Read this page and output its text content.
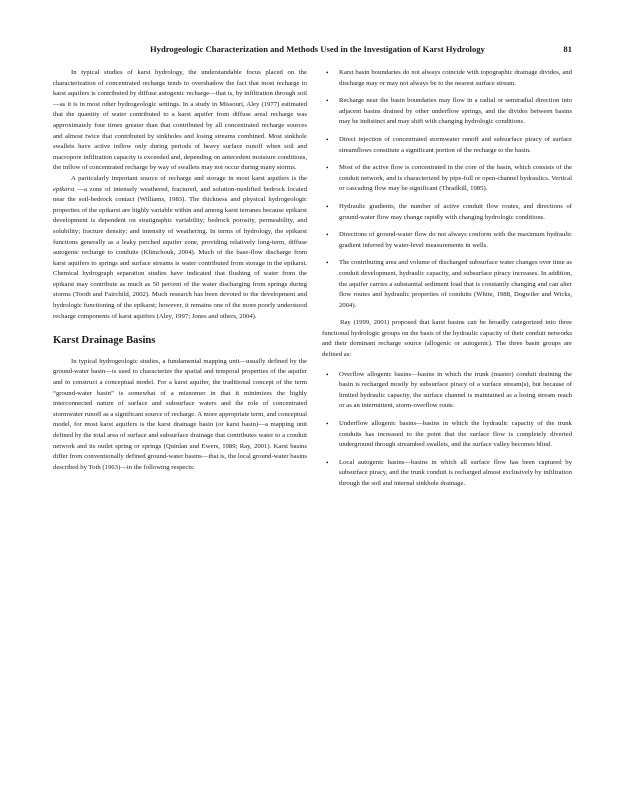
Hydrogeologic Characterization and Methods Used in the Investigation of Karst Hydrology	81

In typical studies of karst hydrology, the understandable focus placed on the characterization of concentrated recharge tends to overshadow the fact that most recharge to karst aquifers is contributed by diffuse autogenic recharge—that is, by infiltration through soil—as it is in most other hydrogeologic settings. In a study in Missouri, Aley (1977) estimated that the quantity of water contributed to a karst aquifer from diffuse areal recharge was approximately four times greater than that contributed by all concentrated recharge sources and almost twice that contributed by sinkholes and losing streams combined. Most sinkhole swallets have active inflow only during periods of heavy surface runoff when soil and macropore infiltration capacity is exceeded and, depending on antecedent moisture conditions, the inflow of concentrated recharge by way of swallets may not occur during many storms.

A particularly important source of recharge and storage in most karst aquifers is the epikarst —a zone of intensely weathered, fractured, and solution-modified bedrock located near the soil-bedrock contact (Williams, 1983). The thickness and physical hydrogeologic properties of the epikarst are highly variable within and among karst terranes because epikarst development is dependent on stratigraphic variability; bedrock porosity, permeability, and solubility; fracture density; and intensity of weathering. In terms of hydrology, the epikarst functions generally as a leaky perched aquifer zone, providing relatively long-term, diffuse autogenic recharge to conduits (Klimchouk, 2004). Much of the base-flow discharge from karst aquifers to springs and surface streams is water contributed from storage in the epikarst. Chemical hydrograph separation studies have indicated that flushing of water from the epikarst may contribute as much as 50 percent of the water discharging from springs during storms (Tooth and Fairchild, 2002). Much research has been devoted to the development and hydrologic functioning of the epikarst; however, it remains one of the more poorly understood recharge components of karst aquifers (Aley, 1997; Jones and others, 2004).

Karst Drainage Basins

In typical hydrogeologic studies, a fundamental mapping unit—usually defined by the ground-water basin—is used to characterize the spatial and temporal properties of the aquifer and to construct a conceptual model. For a karst aquifer, the traditional concept of the term “ground-water basin” is somewhat of a misnomer in that it minimizes the highly interconnected nature of surface and subsurface waters and the role of concentrated stormwater runoff as a significant source of recharge. A more appropriate term, and conceptual model, for most karst aquifers is the karst drainage basin (or karst basin)—a mapping unit defined by the total area of surface and subsurface drainage that contributes water to a conduit network and its outlet spring or springs (Quinlan and Ewers, 1989; Ray, 2001). Karst basins differ from conventionally defined ground-water basins—that is, the local ground-water basins described by Toth (1963)—in the following respects:

• Karst basin boundaries do not always coincide with topographic drainage divides, and discharge may or may not always be to the nearest surface stream.
• Recharge near the basin boundaries may flow in a radial or semiradial direction into adjacent basins drained by other underflow springs, and the divides between basins may be indistinct and may shift with changing hydrologic conditions.
• Direct injection of concentrated stormwater runoff and subsurface piracy of surface streamflows constitute a significant portion of the recharge to the basin.
• Most of the active flow is concentrated in the core of the basin, which consists of the conduit network, and is characterized by pipe-full or open-channel hydraulics. Vertical or cascading flow may be significant (Thrailkill, 1985).
• Hydraulic gradients, the number of active conduit flow routes, and directions of ground-water flow may change rapidly with changing hydrologic conditions.
• Directions of ground-water flow do not always conform with the maximum hydraulic gradient inferred by water-level measurements in wells.
• The contributing area and volume of discharged subsurface water changes over time as conduit development, hydraulic capacity, and subsurface piracy increases. In addition, the aquifer carries a substantial sediment load that is constantly changing and can alter flow routes and hydraulic properties of conduits (White, 1988, Dogwiler and Wicks, 2004).

Ray (1999, 2001) proposed that karst basins can be broadly categorized into three functional hydrologic groups on the basis of the hydraulic capacity of their conduit networks and their dominant recharge source (allogenic or autogenic). The three basin groups are defined as:

• Overflow allogenic basins—basins in which the trunk (master) conduit draining the basin is recharged mostly by subsurface piracy of a surface stream(s), but because of limited hydraulic capacity, the surface channel is maintained as a losing stream reach or as an intermittent, storm-overflow route.
• Underflow allogenic basins—basins in which the hydraulic capacity of the trunk conduits has increased to the point that the surface flow is completely diverted underground through streambed swallets, and the surface valley becomes blind.
• Local autogenic basins—basins in which all surface flow has been captured by subsurface piracy, and the trunk conduit is recharged almost exclusively by infiltration through the soil and internal sinkhole drainage.
